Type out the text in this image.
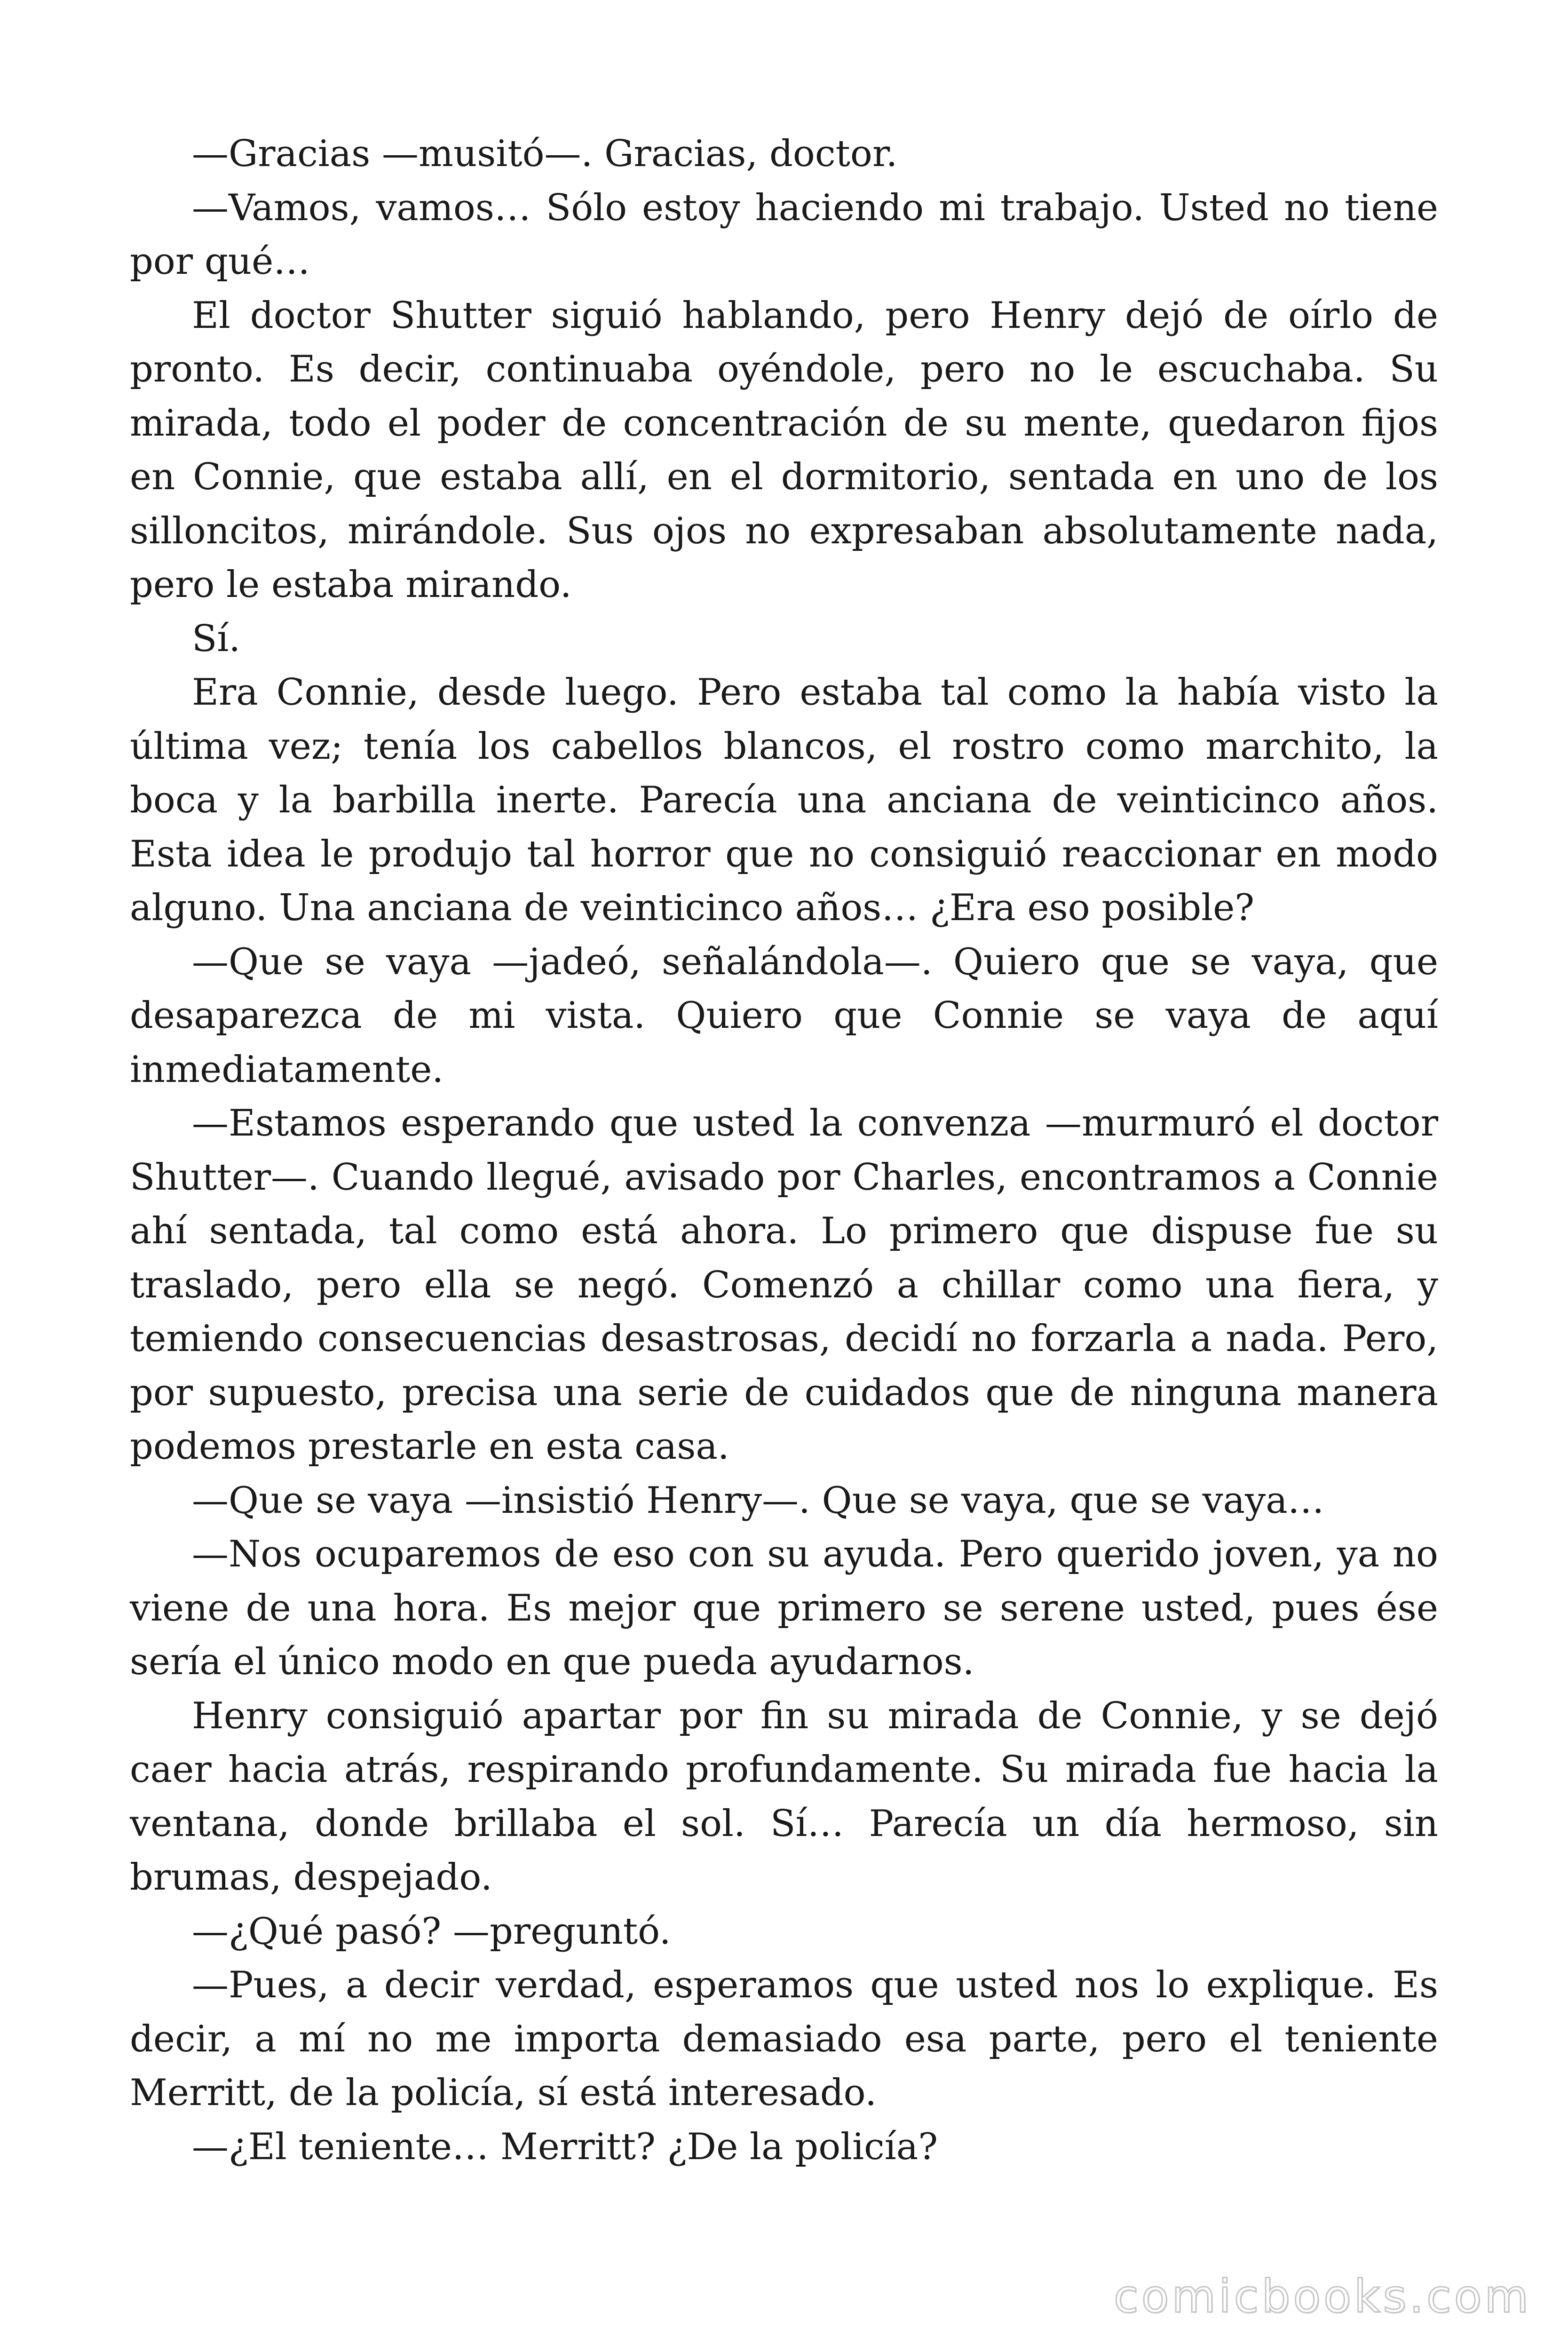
—Gracias —musitó—. Gracias, doctor.

—Vamos, vamos… Sólo estoy haciendo mi trabajo. Usted no tiene por qué…

El doctor Shutter siguió hablando, pero Henry dejó de oírlo de pronto. Es decir, continuaba oyéndole, pero no le escuchaba. Su mirada, todo el poder de concentración de su mente, quedaron fijos en Connie, que estaba allí, en el dormitorio, sentada en uno de los silloncitos, mirándole. Sus ojos no expresaban absolutamente nada, pero le estaba mirando.

Sí.

Era Connie, desde luego. Pero estaba tal como la había visto la última vez; tenía los cabellos blancos, el rostro como marchito, la boca y la barbilla inerte. Parecía una anciana de veinticinco años. Esta idea le produjo tal horror que no consiguió reaccionar en modo alguno. Una anciana de veinticinco años… ¿Era eso posible?

—Que se vaya —jadeó, señalándola—. Quiero que se vaya, que desaparezca de mi vista. Quiero que Connie se vaya de aquí inmediatamente.

—Estamos esperando que usted la convenza —murmuró el doctor Shutter—. Cuando llegué, avisado por Charles, encontramos a Connie ahí sentada, tal como está ahora. Lo primero que dispuse fue su traslado, pero ella se negó. Comenzó a chillar como una fiera, y temiendo consecuencias desastrosas, decidí no forzarla a nada. Pero, por supuesto, precisa una serie de cuidados que de ninguna manera podemos prestarle en esta casa.

—Que se vaya —insistió Henry—. Que se vaya, que se vaya…

—Nos ocuparemos de eso con su ayuda. Pero querido joven, ya no viene de una hora. Es mejor que primero se serene usted, pues ése sería el único modo en que pueda ayudarnos.

Henry consiguió apartar por fin su mirada de Connie, y se dejó caer hacia atrás, respirando profundamente. Su mirada fue hacia la ventana, donde brillaba el sol. Sí… Parecía un día hermoso, sin brumas, despejado.

—¿Qué pasó? —preguntó.

—Pues, a decir verdad, esperamos que usted nos lo explique. Es decir, a mí no me importa demasiado esa parte, pero el teniente Merritt, de la policía, sí está interesado.

—¿El teniente… Merritt? ¿De la policía?

comicbooks.com
